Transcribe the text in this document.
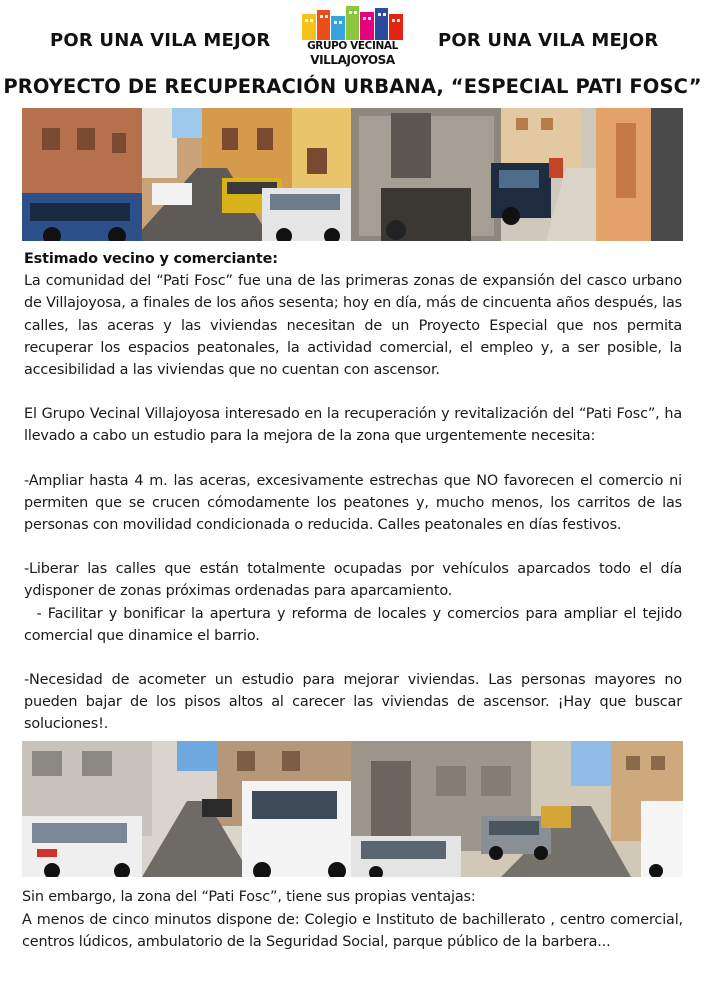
POR UNA VILA MEJOR	GRUPO VECINAL
VILLAJOYOSA
POR UNA VILA MEJOR
PROYECTO DE RECUPERACIÓN URBANA, “ESPECIAL PATI FOSC”

Estimado vecino y comerciante:

La comunidad del “Pati Fosc” fue una de las primeras zonas de expansión del casco urbano de Villajoyosa, a finales de los años sesenta; hoy en día, más de cincuenta años después, las calles, las aceras y las viviendas necesitan de un Proyecto Especial que nos permita recuperar los espacios peatonales, la actividad comercial, el empleo y, a ser posible, la accesibilidad a las viviendas que no cuentan con ascensor.

El Grupo Vecinal Villajoyosa interesado en la recuperación y revitalización del “Pati Fosc”, ha llevado a cabo un estudio para la mejora de la zona que urgentemente necesita:

-Ampliar hasta 4 m. las aceras, excesivamente estrechas que NO favorecen el comercio ni permiten que se crucen cómodamente los peatones y, mucho menos, los carritos de las personas con movilidad condicionada o reducida. Calles peatonales en días festivos.

-Liberar las calles que están totalmente ocupadas por vehículos aparcados todo el día ydisponer de zonas próximas ordenadas para aparcamiento.

- Facilitar y bonificar la apertura y reforma de locales y comercios para ampliar el tejido comercial que dinamice el barrio.

-Necesidad de acometer un estudio para mejorar viviendas. Las personas mayores no pueden bajar de los pisos altos al carecer las viviendas de ascensor. ¡Hay que buscar soluciones!.

Sin embargo, la zona del “Pati Fosc”, tiene sus propias ventajas:

A menos de cinco minutos dispone de: Colegio e Instituto de bachillerato , centro comercial, centros lúdicos, ambulatorio de la Seguridad Social, parque público de la barbera...
